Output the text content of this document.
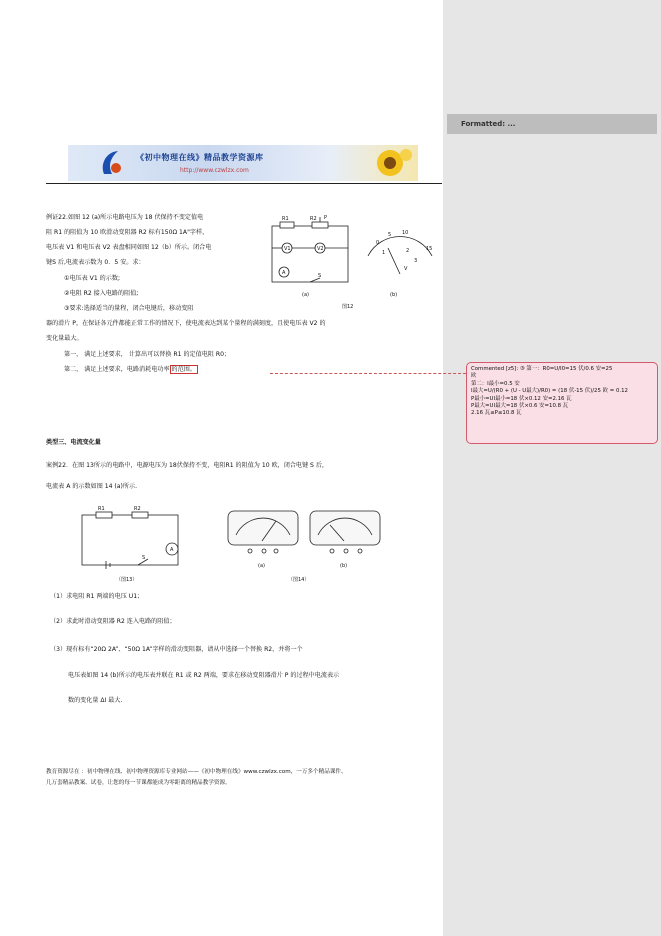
Formatted: ...
《初中物理在线》精品教学资源库
http://www.czwlzx.com
例证22.如图 12 (a)所示电路电压为 18 伏保持不变定值电
阻 R1 的阻值为 10 欧滑动变阻器 R2 标有150Ω 1A"字样，
电压表 V1 和电压表 V2 表盘相同如图 12（b）所示。闭合电
键S 后,电流表示数为 0．5 安。求：
①电压表 V1 的示数;
②电阻 R2 接入电路的阻值;
③要求:选择适当的量程，闭合电键后，移动变阻
器的滑片 P，在保证各元件都能正常工作的情况下，使电流表达到某个量程的满刻度，且使电压表 V2 的
变化量最大。
第一， 满足上述要求， 计算出可以替换 R1 的定值电阻 R0；
第二， 满足上述要求，电路消耗电功率 的范围。
R1	R2 P
S
A
V1	V2
0
5 10
15
1	2
3
V
(a)	(b)
图12
类型三、电流变化量
案例22．在图 13所示的电路中，电源电压为 18伏保持不变，电阻R1 的阻值为 10 欧，闭合电键 S 后，
电流表 A 的示数如图 14 (a)所示.
R1	R2
S
A
（图13）
(a)	(b)
（图14）
（1）求电阻 R1 两端的电压 U1；
（2）求此时滑动变阻器 R2 连入电路的阻值；
（3）现有标有“20Ω 2A”、“50Ω 1A”字样的滑动变阻器，请从中选择一个替换 R2，并将一个
电压表如图 14 (b)所示的电压表并联在 R1 或 R2 两端，要求在移动变阻器滑片 P 的过程中电流表示
数的变化量 ΔI 最大.
教育资源尽在 ：初中物理在线、初中物理资源库专业网站——《初中物理在线》www.czwlzx.com，一万多个精品课件、
几万套精品教案、试卷，让您的每一节课都能成为零距离的精品教学资源。
Commented [z5]: ③ 第一：R0=U/I0=15 伏/0.6 安=25
欧
第二：I最小=0.5 安
I最大=U/(R0 + (U - U最大)/R0) = (18 伏-15 伏)/25 欧 = 0.12
P最小=UI最小=18 伏×0.12 安=2.16 瓦
P最大=UI最大=18 伏×0.6 安=10.8 瓦
2.16 瓦≤P≤10.8 瓦
